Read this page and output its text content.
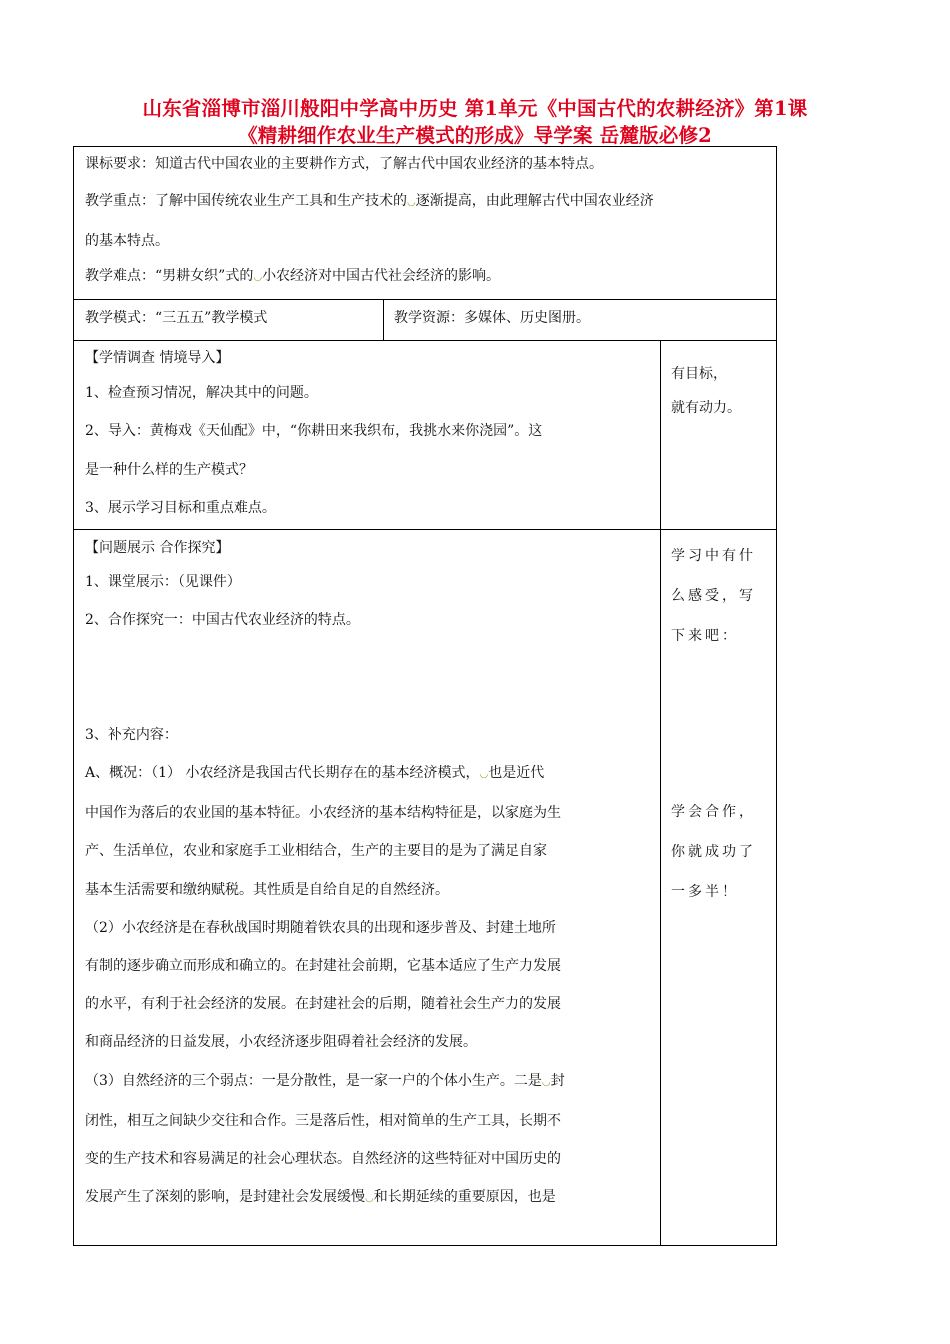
山东省淄博市淄川般阳中学高中历史 第1单元《中国古代的农耕经济》第1课
《精耕细作农业生产模式的形成》导学案 岳麓版必修2

课标要求：知道古代中国农业的主要耕作方式，了解古代中国农业经济的基本特点。

教学重点：了解中国传统农业生产工具和生产技术的◡逐渐提高，由此理解古代中国农业经济

的基本特点。

教学难点：“男耕女织”式的◡小农经济对中国古代社会经济的影响。

教学模式：“三五五”教学模式	教学资源：多媒体、历史图册。

【学情调查 情境导入】

1、检查预习情况，解决其中的问题。

2、导入：黄梅戏《天仙配》中，“你耕田来我织布，我挑水来你浇园”。这

是一种什么样的生产模式？

3、展示学习目标和重点难点。

有目标，

就有动力。

【问题展示 合作探究】

1、课堂展示：（见课件）

2、合作探究一：中国古代农业经济的特点。

3、补充内容：

A、概况：（1） 小农经济是我国古代长期存在的基本经济模式，◡也是近代

中国作为落后的农业国的基本特征。小农经济的基本结构特征是，以家庭为生

产、生活单位，农业和家庭手工业相结合，生产的主要目的是为了满足自家

基本生活需要和缴纳赋税。其性质是自给自足的自然经济。

（2）小农经济是在春秋战国时期随着铁农具的出现和逐步普及、封建土地所

有制的逐步确立而形成和确立的。在封建社会前期，它基本适应了生产力发展

的水平，有利于社会经济的发展。在封建社会的后期，随着社会生产力的发展

和商品经济的日益发展，小农经济逐步阻碍着社会经济的发展。

（3）自然经济的三个弱点：一是分散性，是一家一户的个体小生产。二是◡封

闭性，相互之间缺少交往和合作。三是落后性，相对简单的生产工具，长期不

变的生产技术和容易满足的社会心理状态。自然经济的这些特征对中国历史的

发展产生了深刻的影响，是封建社会发展缓慢◡和长期延续的重要原因，也是

学习中有什

么感受，写

下来吧：

学会合作，

你就成功了

一多半！
